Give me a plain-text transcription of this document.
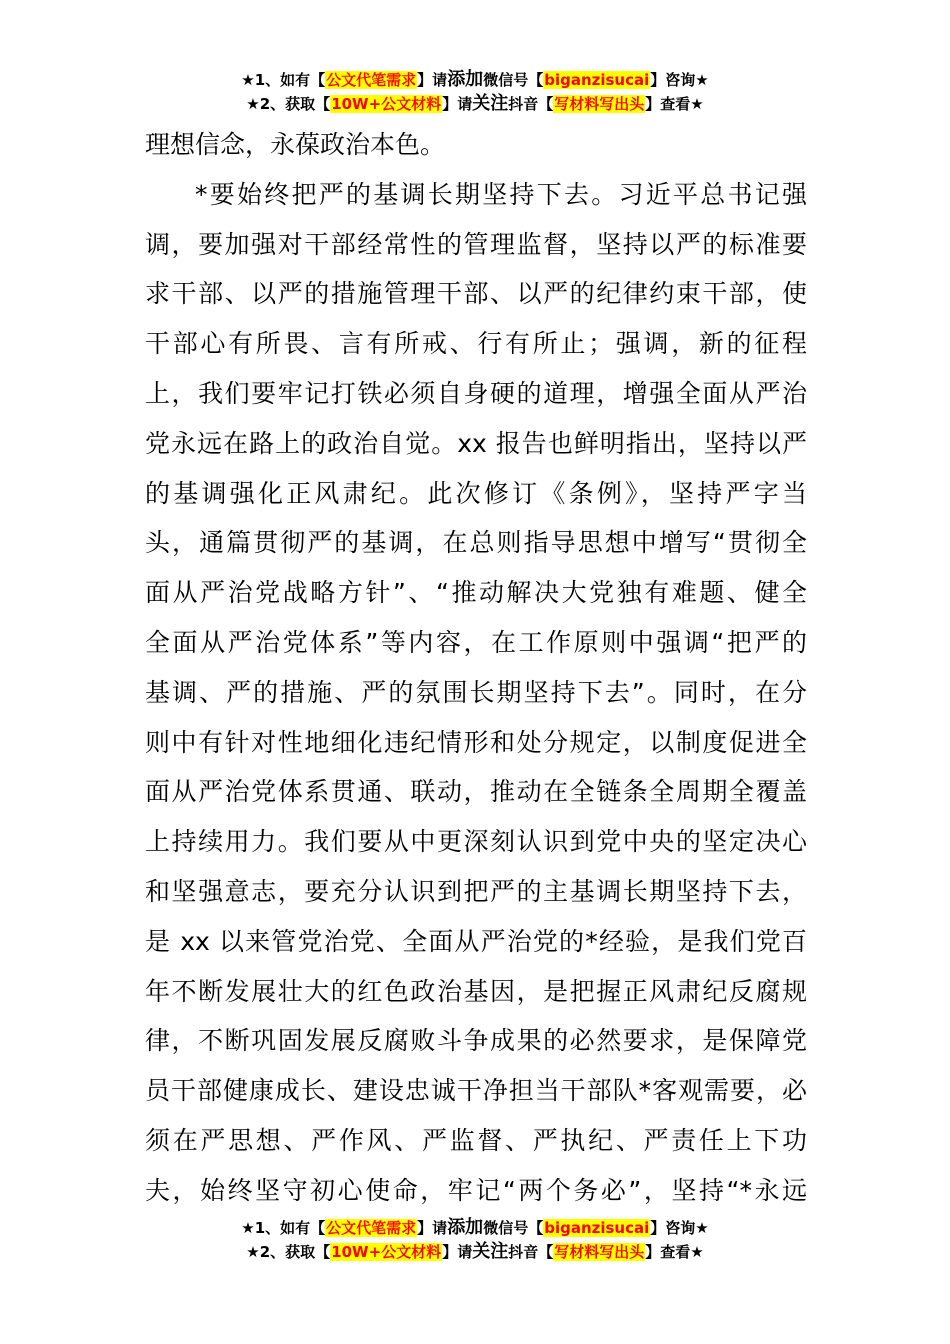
★1、如有【公文代笔需求】请添加微信号【biganzisucai】咨询★
★2、获取【10W+公文材料】请关注抖音【写材料写出头】查看★
理想信念，永葆政治本色。
*要始终把严的基调长期坚持下去。习近平总书记强
调，要加强对干部经常性的管理监督，坚持以严的标准要
求干部、以严的措施管理干部、以严的纪律约束干部，使
干部心有所畏、言有所戒、行有所止；强调，新的征程
上，我们要牢记打铁必须自身硬的道理，增强全面从严治
党永远在路上的政治自觉。xx 报告也鲜明指出，坚持以严
的基调强化正风肃纪。此次修订《条例》，坚持严字当
头，通篇贯彻严的基调，在总则指导思想中增写“贯彻全
面从严治党战略方针”、“推动解决大党独有难题、健全
全面从严治党体系”等内容，在工作原则中强调“把严的
基调、严的措施、严的氛围长期坚持下去”。同时，在分
则中有针对性地细化违纪情形和处分规定，以制度促进全
面从严治党体系贯通、联动，推动在全链条全周期全覆盖
上持续用力。我们要从中更深刻认识到党中央的坚定决心
和坚强意志，要充分认识到把严的主基调长期坚持下去，
是 xx 以来管党治党、全面从严治党的*经验，是我们党百
年不断发展壮大的红色政治基因，是把握正风肃纪反腐规
律，不断巩固发展反腐败斗争成果的必然要求，是保障党
员干部健康成长、建设忠诚干净担当干部队*客观需要，必
须在严思想、严作风、严监督、严执纪、严责任上下功
夫，始终坚守初心使命，牢记“两个务必”，坚持“*永远
★1、如有【公文代笔需求】请添加微信号【biganzisucai】咨询★
★2、获取【10W+公文材料】请关注抖音【写材料写出头】查看★
